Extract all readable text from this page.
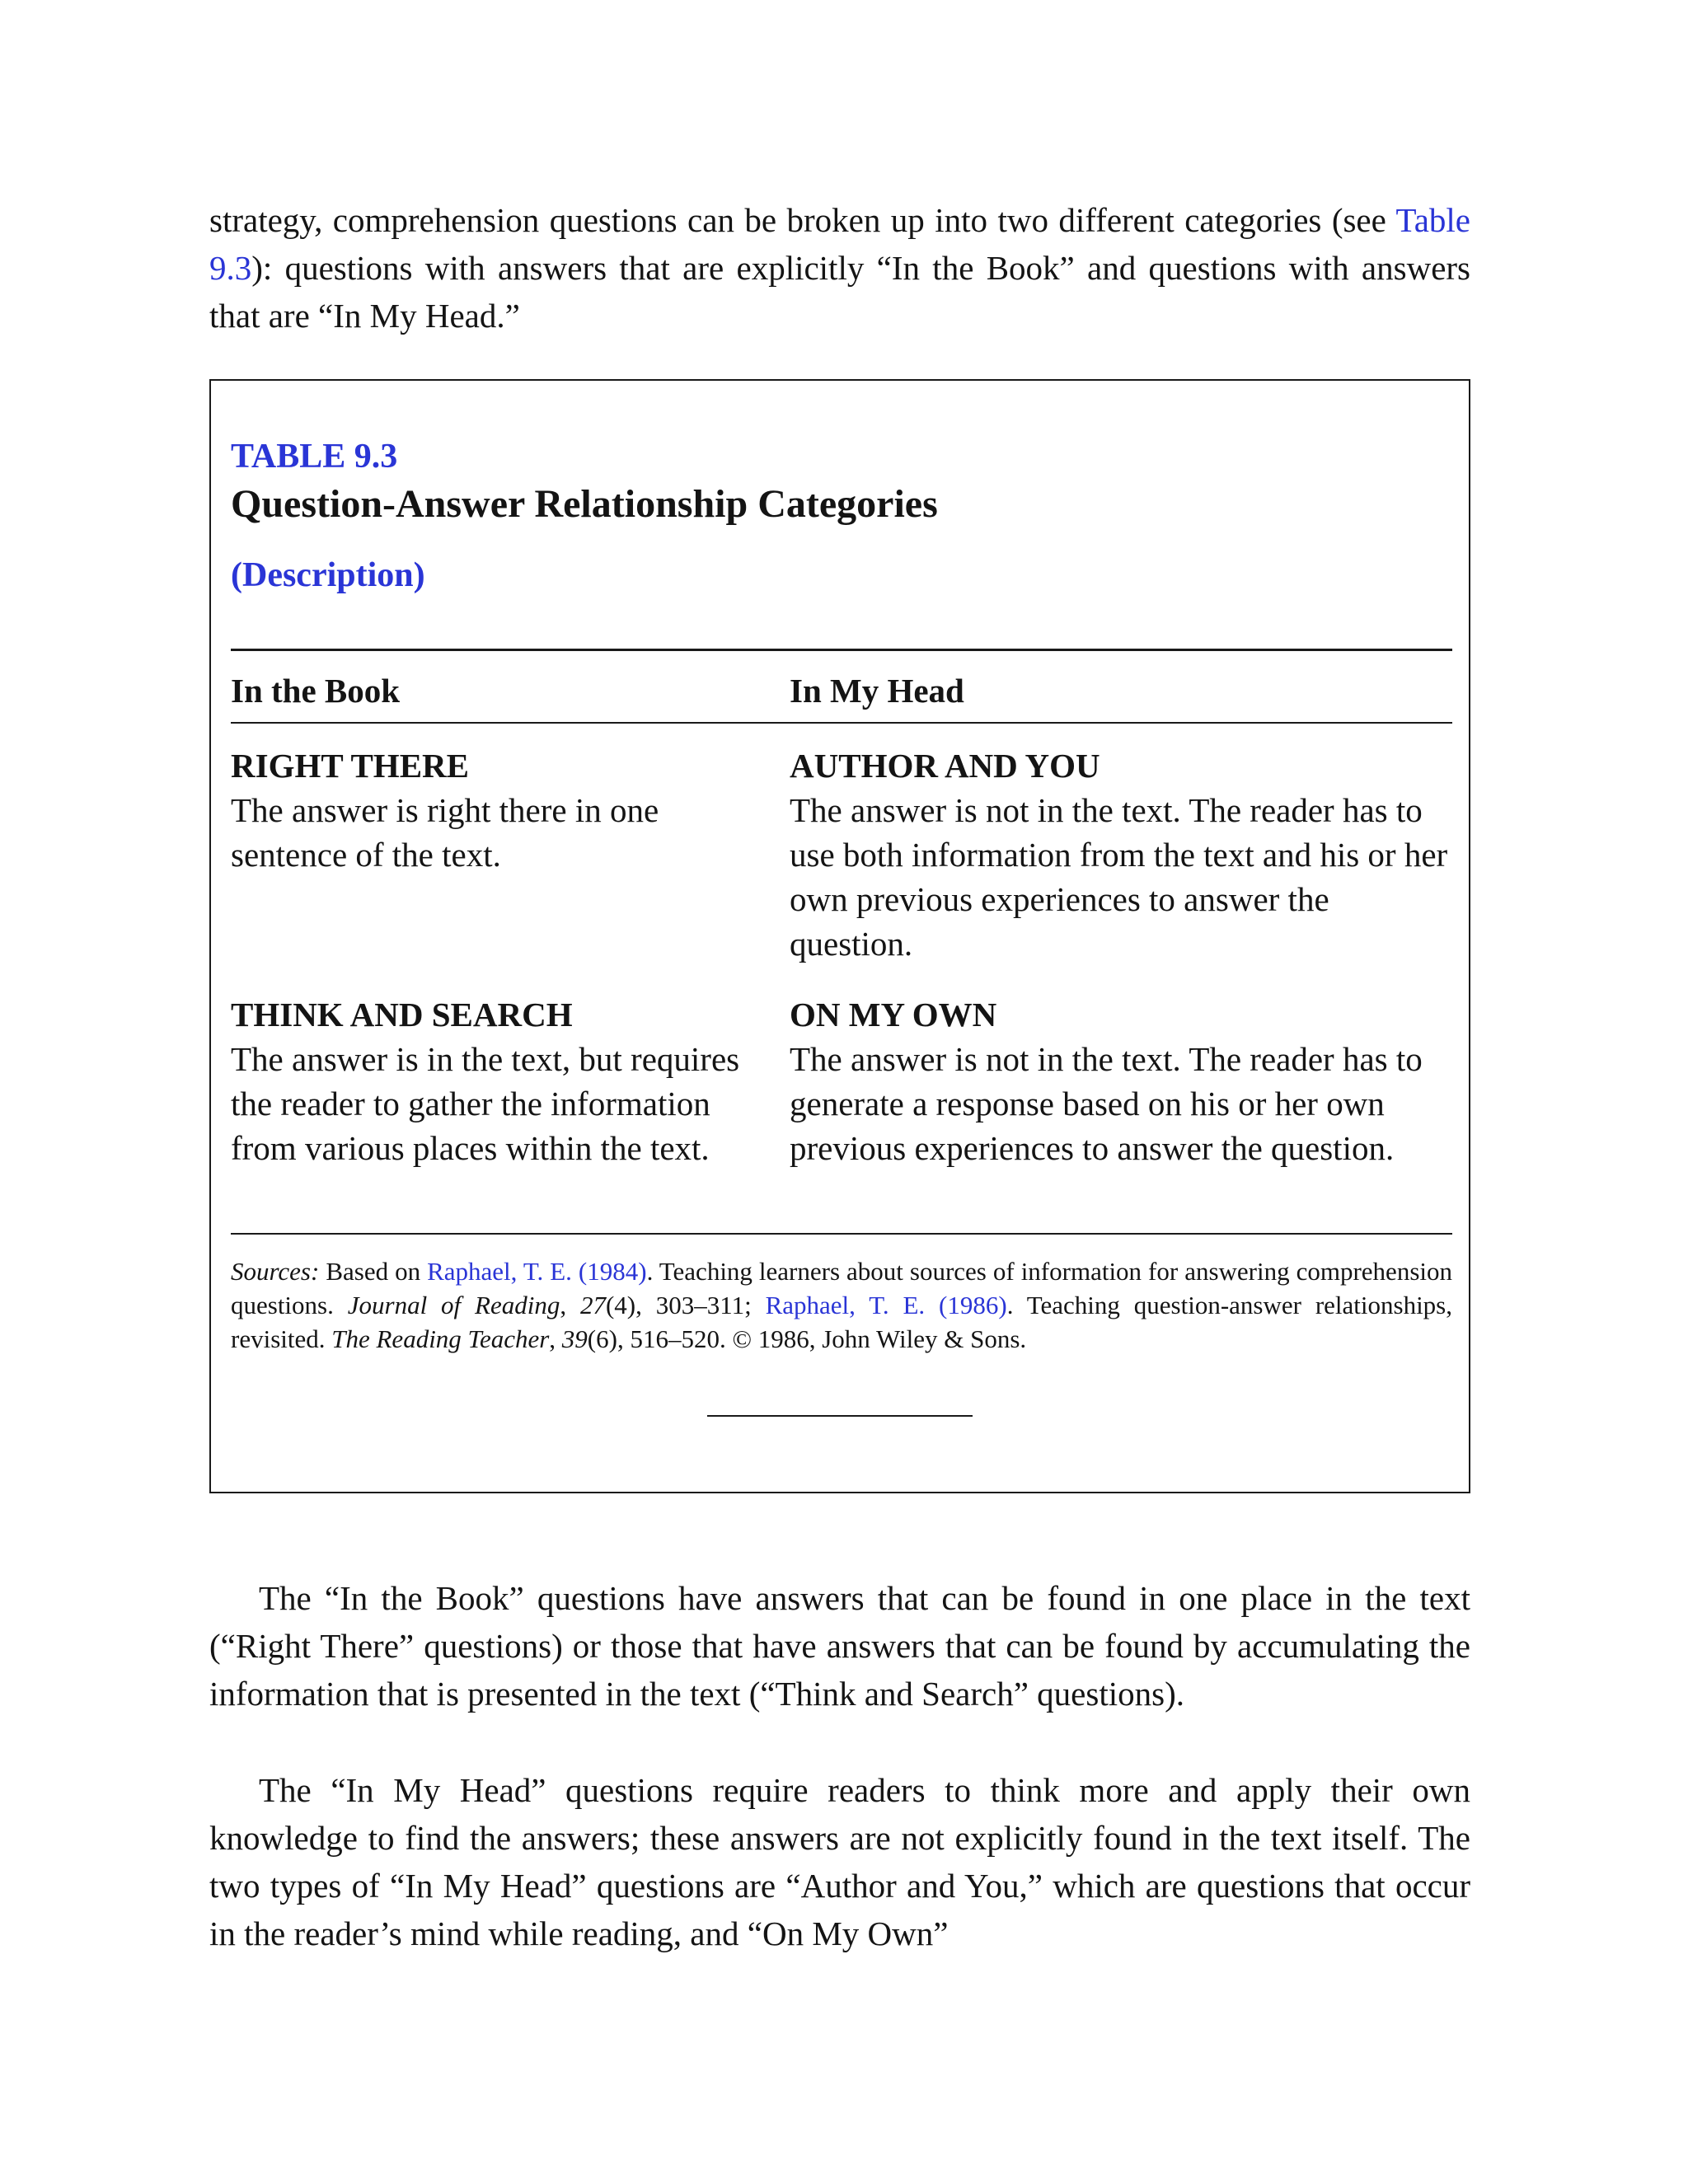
strategy, comprehension questions can be broken up into two different categories (see Table 9.3): questions with answers that are explicitly “In the Book” and questions with answers that are “In My Head.”

TABLE 9.3

Question-Answer Relationship Categories

(Description)

In the Book	In My Head

RIGHT THERE
The answer is right there in one sentence of the text.
AUTHOR AND YOU
The answer is not in the text. The reader has to use both information from the text and his or her own previous experiences to answer the question.
THINK AND SEARCH
The answer is in the text, but requires the reader to gather the information from various places within the text.
ON MY OWN
The answer is not in the text. The reader has to generate a response based on his or her own previous experiences to answer the question.

Sources: Based on Raphael, T. E. (1984). Teaching learners about sources of information for answering comprehension questions. Journal of Reading, 27(4), 303–311; Raphael, T. E. (1986). Teaching question-answer relationships, revisited. The Reading Teacher, 39(6), 516–520. © 1986, John Wiley & Sons.

The “In the Book” questions have answers that can be found in one place in the text (“Right There” questions) or those that have answers that can be found by accumulating the information that is presented in the text (“Think and Search” questions).

The “In My Head” questions require readers to think more and apply their own knowledge to find the answers; these answers are not explicitly found in the text itself. The two types of “In My Head” questions are “Author and You,” which are questions that occur in the reader’s mind while reading, and “On My Own”
